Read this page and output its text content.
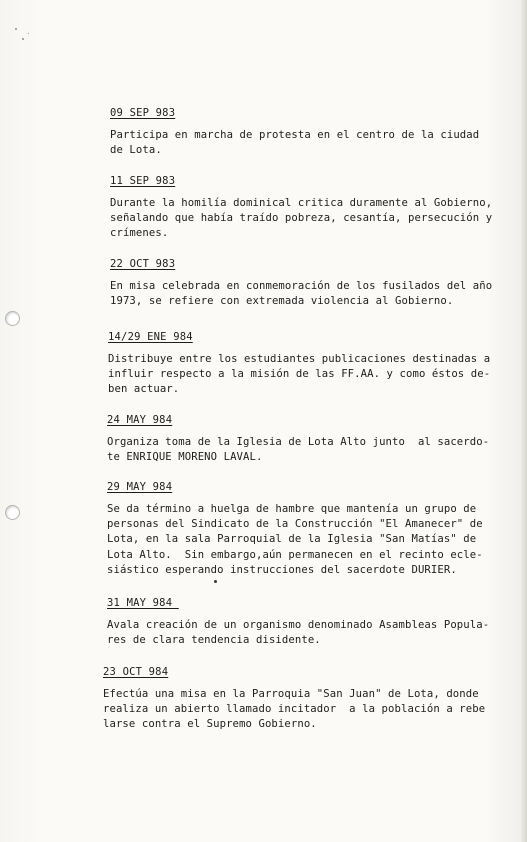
09 SEP 983
Participa en marcha de protesta en el centro de la ciudad
de Lota.
11 SEP 983
Durante la homilía dominical critica duramente al Gobierno,
señalando que había traído pobreza, cesantía, persecución y
crímenes.
22 OCT 983
En misa celebrada en conmemoración de los fusilados del año
1973, se refiere con extremada violencia al Gobierno.
14/29 ENE 984
Distribuye entre los estudiantes publicaciones destinadas a
influir respecto a la misión de las FF.AA. y como éstos de-
ben actuar.
24 MAY 984
Organiza toma de la Iglesia de Lota Alto junto  al sacerdo-
te ENRIQUE MORENO LAVAL.
29 MAY 984
Se da término a huelga de hambre que mantenía un grupo de
personas del Sindicato de la Construcción "El Amanecer" de
Lota, en la sala Parroquial de la Iglesia "San Matías" de
Lota Alto.  Sin embargo,aún permanecen en el recinto ecle-
siástico esperando instrucciones del sacerdote DURIER.
31 MAY 984
Avala creación de un organismo denominado Asambleas Popula-
res de clara tendencia disidente.
23 OCT 984
Efectúa una misa en la Parroquia "San Juan" de Lota, donde
realiza un abierto llamado incitador  a la población a rebe
larse contra el Supremo Gobierno.
